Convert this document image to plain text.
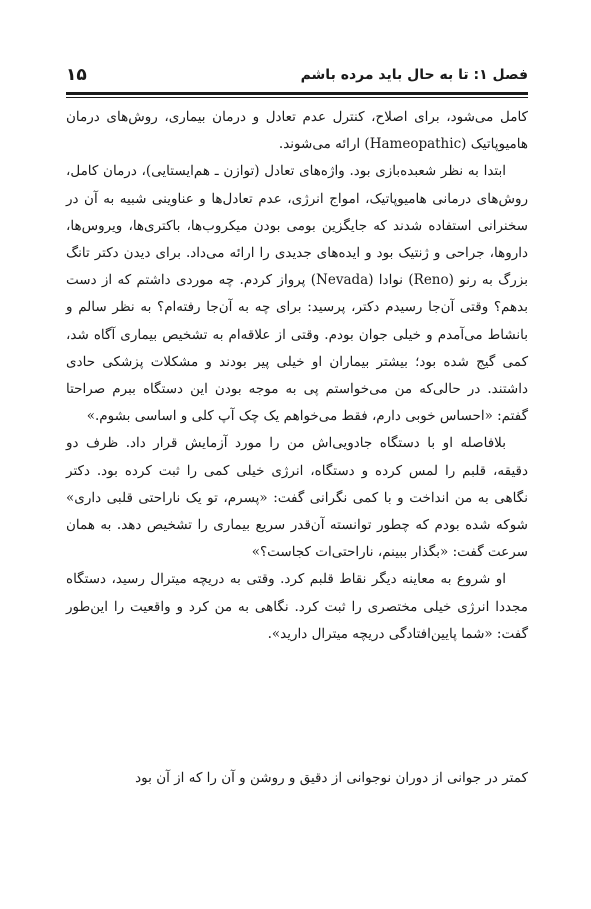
۱۵	فصل ۱: تا به حال باید مرده باشم

کامل می‌شود، برای اصلاح، کنترل عدم تعادل و درمان بیماری، روش‌های درمان هامیوپاتیک (Hameopathic) ارائه می‌شوند.

ابتدا به نظر شعبده‌بازی بود. واژه‌های تعادل (توازن ـ هم‌ایستایی)، درمان کامل، روش‌های درمانی هامیوپاتیک، امواج انرژی، عدم تعادل‌ها و عناوینی شبیه به آن در سخنرانی استفاده شدند که جایگزین بومی بودن میکروب‌ها، باکتری‌ها، ویروس‌ها، داروها، جراحی و ژنتیک بود و ایده‌های جدیدی را ارائه می‌داد. برای دیدن دکتر تانگ بزرگ به رنو (Reno) نوادا (Nevada) پرواز کردم. چه موردی داشتم که از دست بدهم؟ وقتی آن‌جا رسیدم دکتر، پرسید: برای چه به آن‌جا رفته‌ام؟ به نظر سالم و بانشاط می‌آمدم و خیلی جوان بودم. وقتی از علاقه‌ام به تشخیص بیماری آگاه شد، کمی گیج شده بود؛ بیشتر بیماران او خیلی پیر بودند و مشکلات پزشکی حادی داشتند. در حالی‌که من می‌خواستم پی به موجه بودن این دستگاه ببرم صراحتا گفتم: «احساس خوبی دارم، فقط می‌خواهم یک چک آپ کلی و اساسی بشوم.»

بلافاصله او با دستگاه جادویی‌اش من را مورد آزمایش قرار داد. ظرف دو دقیقه، قلبم را لمس کرده و دستگاه، انرژی خیلی کمی را ثبت کرده بود. دکتر نگاهی به من انداخت و با کمی نگرانی گفت: «پسرم، تو یک ناراحتی قلبی داری» شوکه شده بودم که چطور توانسته آن‌قدر سریع بیماری را تشخیص دهد. به همان سرعت گفت: «بگذار ببینم، ناراحتی‌ات کجاست؟»

او شروع به معاینه دیگر نقاط قلبم کرد. وقتی به دریچه میترال رسید، دستگاه مجددا انرژی خیلی مختصری را ثبت کرد. نگاهی به من کرد و واقعیت را این‌طور گفت: «شما پایین‌افتادگی دریچه میترال دارید».

کمتر در جوانی از دوران نوجوانی از دقیق و روشن و آن را که از آن بود
